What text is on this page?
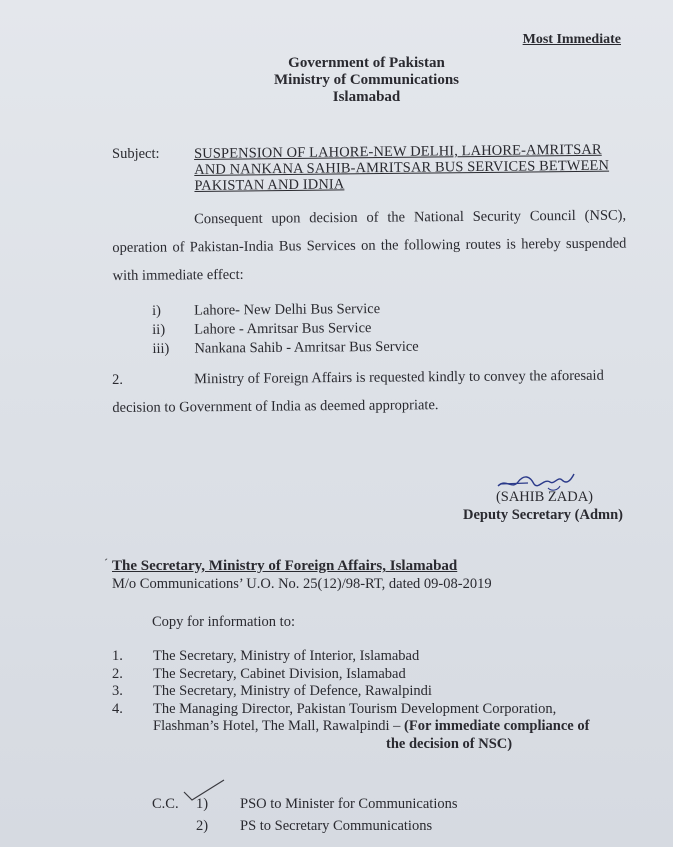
Most Immediate
Government of Pakistan
Ministry of Communications
Islamabad
Subject: SUSPENSION OF LAHORE-NEW DELHI, LAHORE-AMRITSAR AND NANKANA SAHIB-AMRITSAR BUS SERVICES BETWEEN PAKISTAN AND IDNIA
Consequent upon decision of the National Security Council (NSC), operation of Pakistan-India Bus Services on the following routes is hereby suspended with immediate effect:
i)	Lahore- New Delhi Bus Service
ii)	Lahore - Amritsar Bus Service
iii)	Nankana Sahib - Amritsar Bus Service
2.	Ministry of Foreign Affairs is requested kindly to convey the aforesaid decision to Government of India as deemed appropriate.
(SAHIB ZADA)
Deputy Secretary (Admn)
ˊ The Secretary, Ministry of Foreign Affairs, Islamabad
M/o Communications’ U.O. No. 25(12)/98-RT, dated 09-08-2019
Copy for information to:
1.	The Secretary, Ministry of Interior, Islamabad
2.	The Secretary, Cabinet Division, Islamabad
3.	The Secretary, Ministry of Defence, Rawalpindi
4.	The Managing Director, Pakistan Tourism Development Corporation,
Flashman’s Hotel, The Mall, Rawalpindi – (For immediate compliance of
the decision of NSC)
C.C.	1)	PSO to Minister for Communications
2)	PS to Secretary Communications
